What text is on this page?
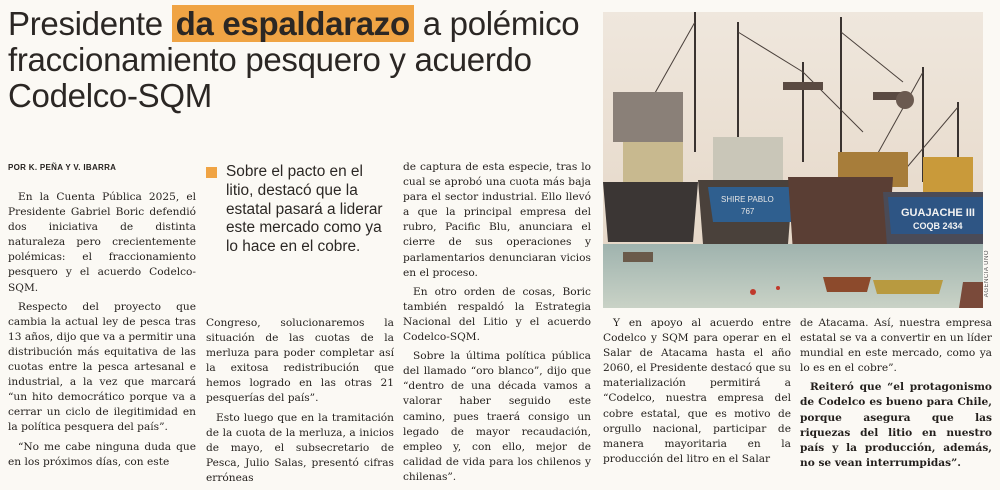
Presidente da espaldarazo a polémico fraccionamiento pesquero y acuerdo Codelco-SQM
POR K. PEÑA Y V. IBARRA

En la Cuenta Pública 2025, el Presidente Gabriel Boric defendió dos iniciativa de distinta naturaleza pero crecientemente polémicas: el fraccionamiento pesquero y el acuerdo Codelco-SQM.

Respecto del proyecto que cambia la actual ley de pesca tras 13 años, dijo que va a permitir una distribución más equitativa de las cuotas entre la pesca artesanal e industrial, a la vez que marcará “un hito democrático porque va a cerrar un ciclo de ilegitimidad en la política pesquera del país”.

“No me cabe ninguna duda que en los próximos días, con este

Sobre el pacto en el litio, destacó que la estatal pasará a liderar este mercado como ya lo hace en el cobre.

Congreso, solucionaremos la situación de las cuotas de la merluza para poder completar así la exitosa redistribución que hemos logrado en las otras 21 pesquerías del país”.

Esto luego que en la tramitación de la cuota de la merluza, a inicios de mayo, el subsecretario de Pesca, Julio Salas, presentó cifras erróneas

de captura de esta especie, tras lo cual se aprobó una cuota más baja para el sector industrial. Ello llevó a que la principal empresa del rubro, Pacific Blu, anunciara el cierre de sus operaciones y parlamentarios denunciaran vicios en el proceso.

En otro orden de cosas, Boric también respaldó la Estrategia Nacional del Litio y el acuerdo Codelco-SQM.

Sobre la última política pública del llamado “oro blanco”, dijo que “dentro de una década vamos a valorar haber seguido este camino, pues traerá consigo un legado de mayor recaudación, empleo y, con ello, mejor de calidad de vida para los chilenos y chilenas”.

Y en apoyo al acuerdo entre Codelco y SQM para operar en el Salar de Atacama hasta el año 2060, el Presidente destacó que su materialización permitirá a “Codelco, nuestra empresa del cobre estatal, que es motivo de orgullo nacional, participar de manera mayoritaria en la producción del litro en el Salar

de Atacama. Así, nuestra empresa estatal se va a convertir en un líder mundial en este mercado, como ya lo es en el cobre”.

Reiteró que “el protagonismo de Codelco es bueno para Chile, porque asegura que las riquezas del litio en nuestro país y la producción, además, no se vean interrumpidas”.

SHIRE PABLO
767	GUAJACHE III
COQB 2434
AGENCIA UNO
